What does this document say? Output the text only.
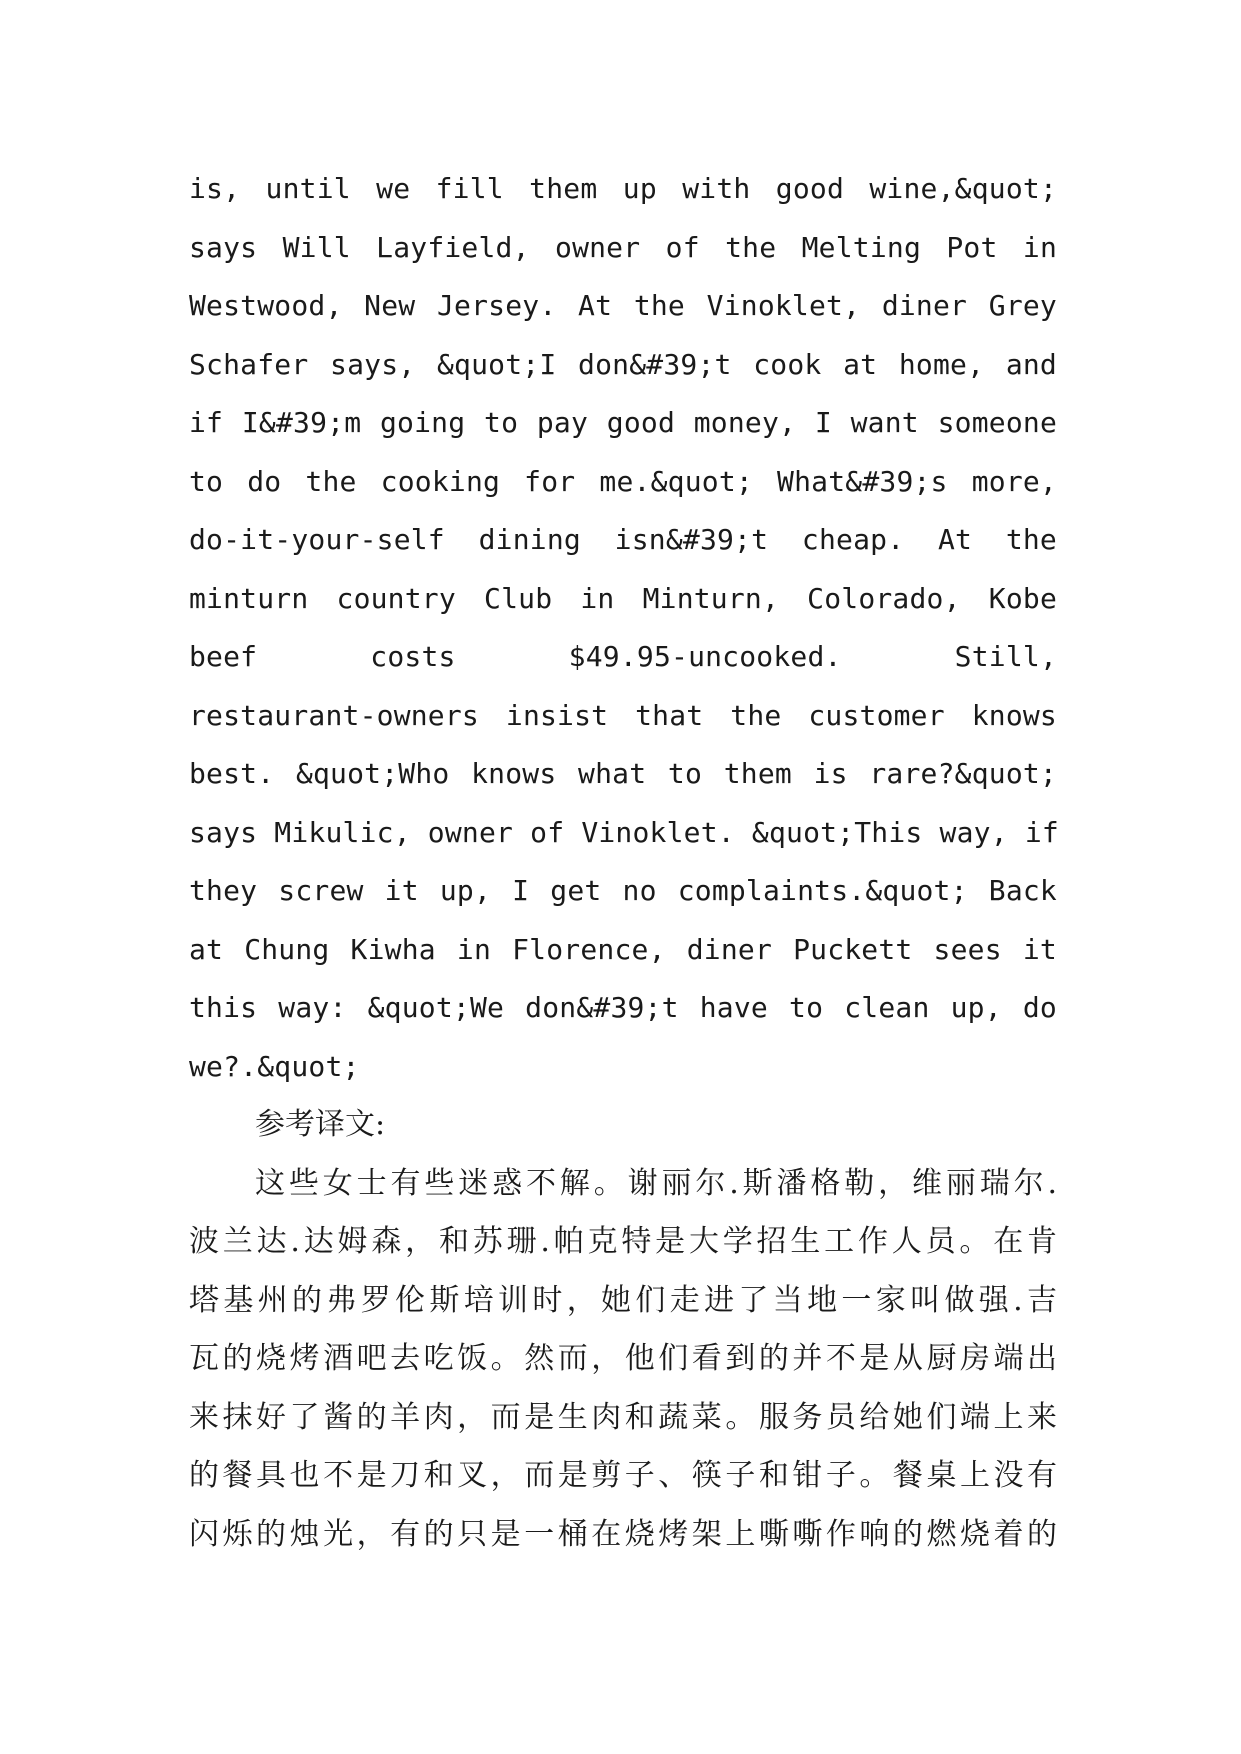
is, until we fill them up with good wine,&quot;
says Will Layfield, owner of the Melting Pot in
Westwood, New Jersey. At the Vinoklet, diner Grey
Schafer says, &quot;I don&#39;t cook at home, and
if I&#39;m going to pay good money, I want someone
to do the cooking for me.&quot; What&#39;s more,
do-it-your-self dining isn&#39;t cheap. At the
minturn country Club in Minturn, Colorado, Kobe
beef costs $49.95-uncooked. Still,
restaurant-owners insist that the customer knows
best. &quot;Who knows what to them is rare?&quot;
says Mikulic, owner of Vinoklet. &quot;This way, if
they screw it up, I get no complaints.&quot; Back
at Chung Kiwha in Florence, diner Puckett sees it
this way: &quot;We don&#39;t have to clean up, do
we?.&quot;
参考译文:
这些女士有些迷惑不解。谢丽尔.斯潘格勒，维丽瑞尔.
波兰达.达姆森，和苏珊.帕克特是大学招生工作人员。在肯
塔基州的弗罗伦斯培训时，她们走进了当地一家叫做强.吉
瓦的烧烤酒吧去吃饭。然而，他们看到的并不是从厨房端出
来抹好了酱的羊肉，而是生肉和蔬菜。服务员给她们端上来
的餐具也不是刀和叉，而是剪子、筷子和钳子。餐桌上没有
闪烁的烛光，有的只是一桶在烧烤架上嘶嘶作响的燃烧着的
